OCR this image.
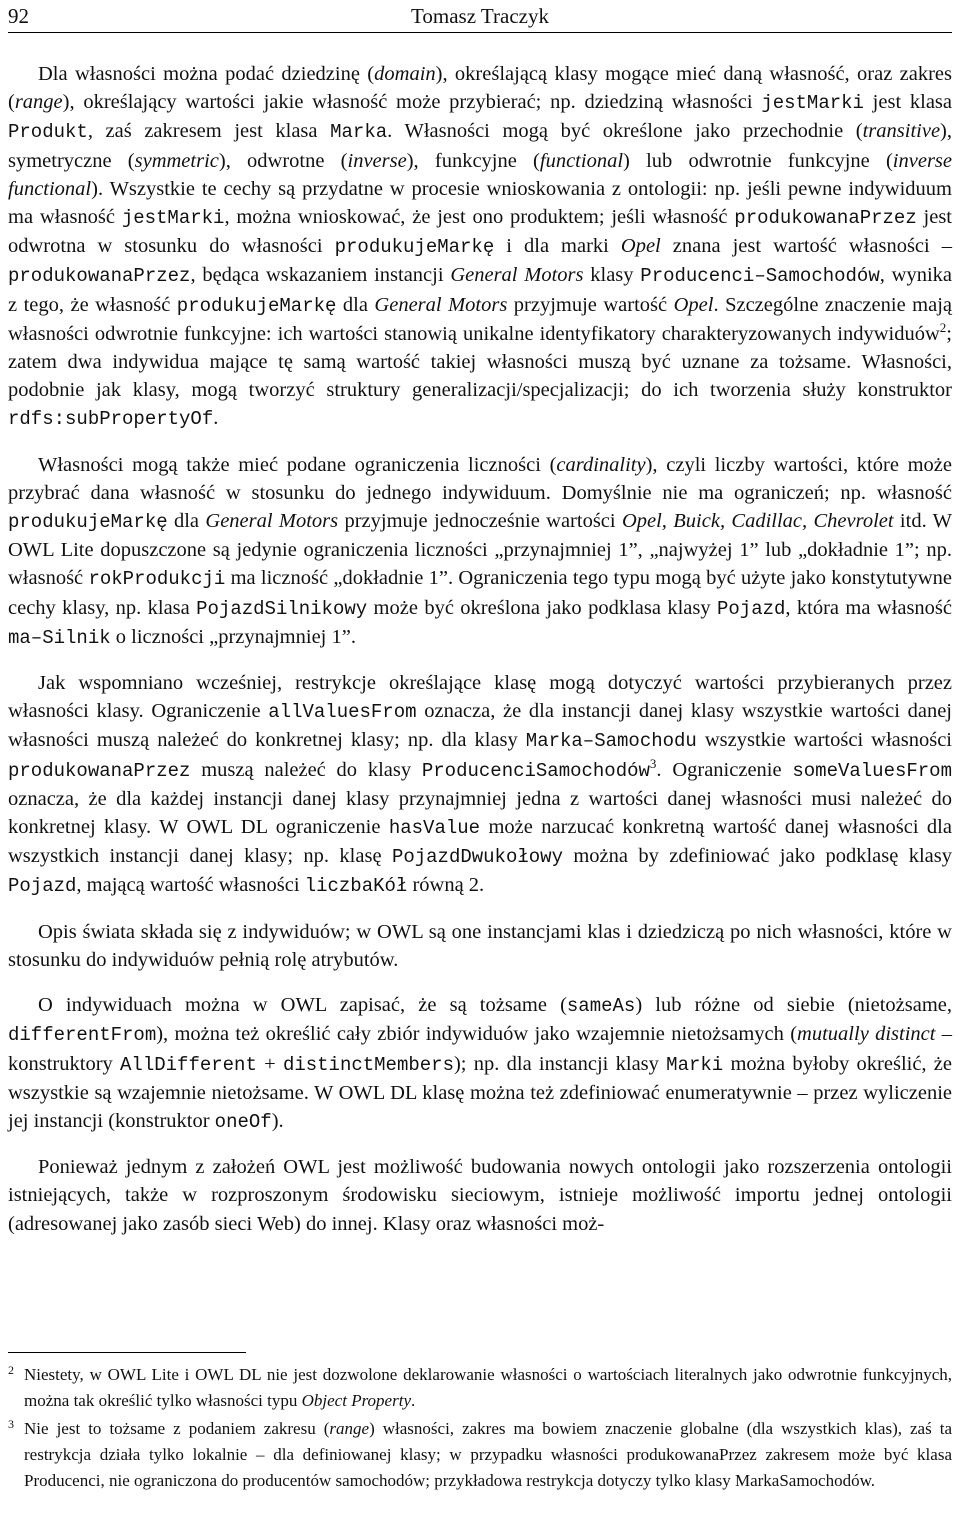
92	Tomasz Traczyk

Dla własności można podać dziedzinę (domain), określającą klasy mogące mieć daną własność, oraz zakres (range), określający wartości jakie własność może przybierać; np. dziedziną własności jestMarki jest klasa Produkt, zaś zakresem jest klasa Marka. Własności mogą być określone jako przechodnie (transitive), symetryczne (symmetric), odwrotne (inverse), funkcyjne (functional) lub odwrotnie funkcyjne (inverse functional). Wszystkie te cechy są przydatne w procesie wnioskowania z ontologii: np. jeśli pewne indywiduum ma własność jestMarki, można wnioskować, że jest ono produktem; jeśli własność produkowanaPrzez jest odwrotna w stosunku do własności produkujeMarkę i dla marki Opel znana jest wartość własności – produkowanaPrzez, będąca wskazaniem instancji General Motors klasy Producenci–Samochodów, wynika z tego, że własność produkujeMarkę dla General Motors przyjmuje wartość Opel. Szczególne znaczenie mają własności odwrotnie funkcyjne: ich wartości stanowią unikalne identyfikatory charakteryzowanych indywiduów$^2$; zatem dwa indywidua mające tę samą wartość takiej własności muszą być uznane za tożsame. Własności, podobnie jak klasy, mogą tworzyć struktury generalizacji/specjalizacji; do ich tworzenia służy konstruktor rdfs:subPropertyOf.

Własności mogą także mieć podane ograniczenia liczności (cardinality), czyli liczby wartości, które może przybrać dana własność w stosunku do jednego indywiduum. Domyślnie nie ma ograniczeń; np. własność produkujeMarkę dla General Motors przyjmuje jednocześnie wartości Opel, Buick, Cadillac, Chevrolet itd. W OWL Lite dopuszczone są jedynie ograniczenia liczności „przynajmniej 1”, „najwyżej 1” lub „dokładnie 1”; np. własność rokProdukcji ma liczność „dokładnie 1”. Ograniczenia tego typu mogą być użyte jako konstytutywne cechy klasy, np. klasa PojazdSilnikowy może być określona jako podklasa klasy Pojazd, która ma własność ma–Silnik o liczności „przynajmniej 1”.

Jak wspomniano wcześniej, restrykcje określające klasę mogą dotyczyć wartości przybieranych przez własności klasy. Ograniczenie allValuesFrom oznacza, że dla instancji danej klasy wszystkie wartości danej własności muszą należeć do konkretnej klasy; np. dla klasy Marka–Samochodu wszystkie wartości własności produkowanaPrzez muszą należeć do klasy ProducenciSamochodów$^3$. Ograniczenie someValuesFrom oznacza, że dla każdej instancji danej klasy przynajmniej jedna z wartości danej własności musi należeć do konkretnej klasy. W OWL DL ograniczenie hasValue może narzucać konkretną wartość danej własności dla wszystkich instancji danej klasy; np. klasę PojazdDwukołowy można by zdefiniować jako podklasę klasy Pojazd, mającą wartość własności liczbaKół równą 2.

Opis świata składa się z indywiduów; w OWL są one instancjami klas i dziedziczą po nich własności, które w stosunku do indywiduów pełnią rolę atrybutów.

O indywiduach można w OWL zapisać, że są tożsame (sameAs) lub różne od siebie (nietożsame, differentFrom), można też określić cały zbiór indywiduów jako wzajemnie nietożsamych (mutually distinct – konstruktory AllDifferent + distinctMembers); np. dla instancji klasy Marki można byłoby określić, że wszystkie są wzajemnie nietożsame. W OWL DL klasę można też zdefiniować enumeratywnie – przez wyliczenie jej instancji (konstruktor oneOf).

Ponieważ jednym z założeń OWL jest możliwość budowania nowych ontologii jako rozszerzenia ontologii istniejących, także w rozproszonym środowisku sieciowym, istnieje możliwość importu jednej ontologii (adresowanej jako zasób sieci Web) do innej. Klasy oraz własności moż-

2 Niestety, w OWL Lite i OWL DL nie jest dozwolone deklarowanie własności o wartościach literalnych jako odwrotnie funkcyjnych, można tak określić tylko własności typu Object Property.
3 Nie jest to tożsame z podaniem zakresu (range) własności, zakres ma bowiem znaczenie globalne (dla wszystkich klas), zaś ta restrykcja działa tylko lokalnie – dla definiowanej klasy; w przypadku własności produkowanaPrzez zakresem może być klasa Producenci, nie ograniczona do producentów samochodów; przykładowa restrykcja dotyczy tylko klasy MarkaSamochodów.
